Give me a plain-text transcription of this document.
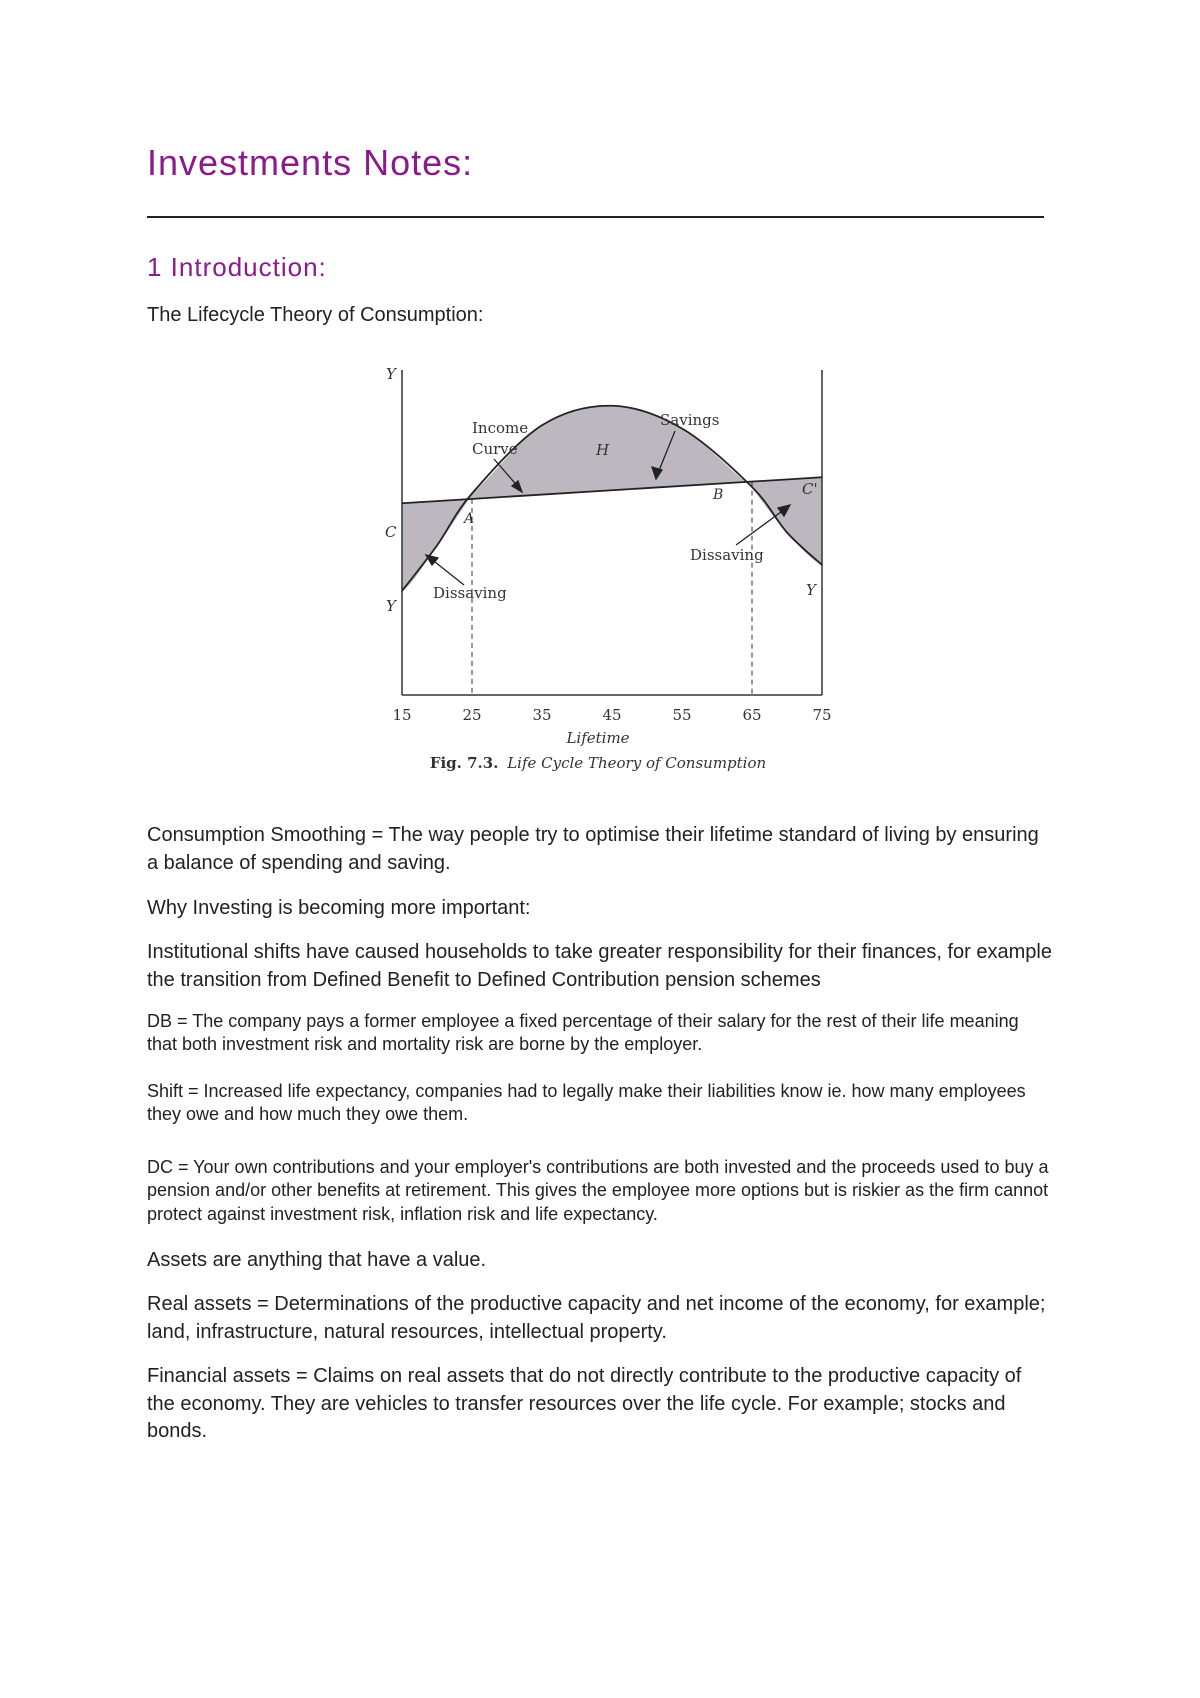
Investments Notes:
1 Introduction:

The Lifecycle Theory of Consumption:

15	25	35	45	55	65	75
Y
C
Y
A
B
H
C'
Y
Income
Curve
Savings
Dissaving
Dissaving
Lifetime
Fig. 7.3. Life Cycle Theory of Consumption

Consumption Smoothing = The way people try to optimise their lifetime standard of living by ensuring a balance of spending and saving.

Why Investing is becoming more important:

Institutional shifts have caused households to take greater responsibility for their finances, for example the transition from Defined Benefit to Defined Contribution pension schemes

DB = The company pays a former employee a fixed percentage of their salary for the rest of their life meaning that both investment risk and mortality risk are borne by the employer.

Shift = Increased life expectancy, companies had to legally make their liabilities know ie. how many employees they owe and how much they owe them.

DC = Your own contributions and your employer's contributions are both invested and the proceeds used to buy a pension and/or other benefits at retirement. This gives the employee more options but is riskier as the firm cannot protect against investment risk, inflation risk and life expectancy.

Assets are anything that have a value.

Real assets = Determinations of the productive capacity and net income of the economy, for example; land, infrastructure, natural resources, intellectual property.

Financial assets = Claims on real assets that do not directly contribute to the productive capacity of the economy. They are vehicles to transfer resources over the life cycle. For example; stocks and bonds.
